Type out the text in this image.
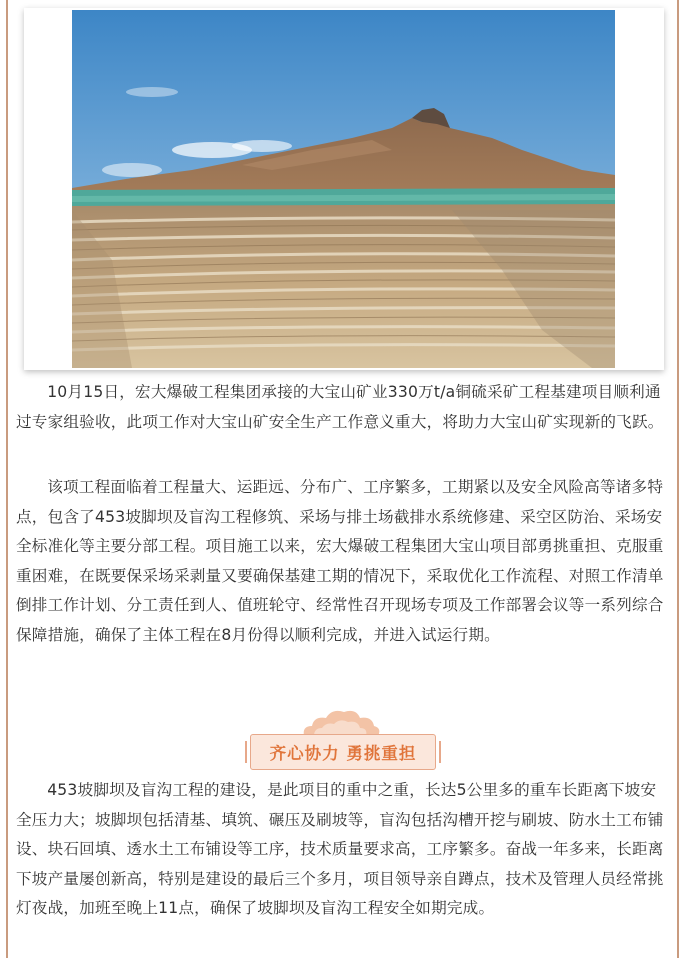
10月15日，宏大爆破工程集团承接的大宝山矿业330万t/a铜硫采矿工程基建项目顺利通过专家组验收，此项工作对大宝山矿安全生产工作意义重大，将助力大宝山矿实现新的飞跃。

该项工程面临着工程量大、运距远、分布广、工序繁多，工期紧以及安全风险高等诸多特点，包含了453坡脚坝及盲沟工程修筑、采场与排土场截排水系统修建、采空区防治、采场安全标准化等主要分部工程。项目施工以来，宏大爆破工程集团大宝山项目部勇挑重担、克服重重困难，在既要保采场采剥量又要确保基建工期的情况下，采取优化工作流程、对照工作清单倒排工作计划、分工责任到人、值班轮守、经常性召开现场专项及工作部署会议等一系列综合保障措施，确保了主体工程在8月份得以顺利完成，并进入试运行期。

齐心协力 勇挑重担

453坡脚坝及盲沟工程的建设，是此项目的重中之重，长达5公里多的重车长距离下坡安全压力大；坡脚坝包括清基、填筑、碾压及刷坡等，盲沟包括沟槽开挖与刷坡、防水土工布铺设、块石回填、透水土工布铺设等工序，技术质量要求高，工序繁多。奋战一年多来，长距离下坡产量屡创新高，特别是建设的最后三个多月，项目领导亲自蹲点，技术及管理人员经常挑灯夜战，加班至晚上11点，确保了坡脚坝及盲沟工程安全如期完成。
